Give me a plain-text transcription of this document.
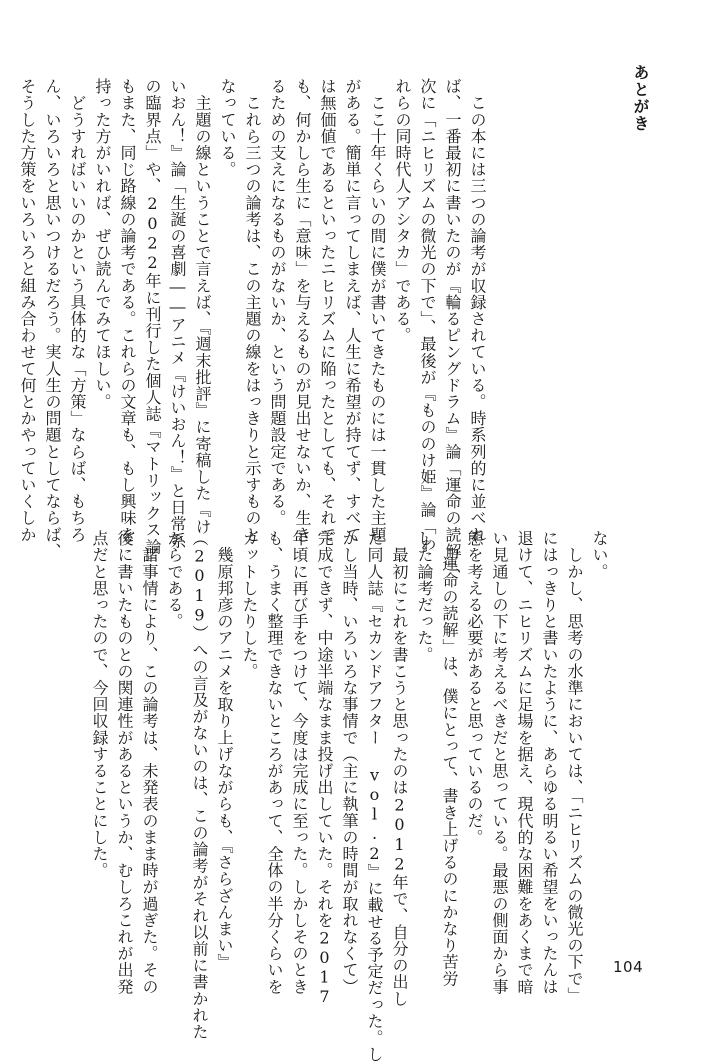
あとがき
　この本には三つの論考が収録されている。時系列的に並べれ
ば、一番最初に書いたのが『輪るピングドラム』論「運命の読解」、
次に「ニヒリズムの微光の下で」、最後が『もののけ姫』論「わ
れらの同時代人アシタカ」である。
　ここ十年くらいの間に僕が書いてきたものには一貫した主題
がある。簡単に言ってしまえば、人生に希望が持てず、すべて
は無価値であるといったニヒリズムに陥ったとしても、それで
も、何かしら生に「意味」を与えるものが見出せないか、生き
るための支えになるものがないか、という問題設定である。
　これら三つの論考は、この主題の線をはっきりと示すものと
なっている。
　主題の線ということで言えば、『週末批評』に寄稿した『け
いおん！』論「生誕の喜劇――アニメ『けいおん！』と日常系
の臨界点」や、2022年に刊行した個人誌『マトリックス論』
もまた、同じ路線の論考である。これらの文章も、もし興味を
持った方がいれば、ぜひ読んでみてほしい。
　どうすればいいのかという具体的な「方策」ならば、もちろ
ん、いろいろと思いつけるだろう。実人生の問題としてならば、
そうした方策をいろいろと組み合わせて何とかやっていくしか
ない。
　しかし、思考の水準においては、「ニヒリズムの微光の下で」
にはっきりと書いたように、あらゆる明るい希望をいったんは
退けて、ニヒリズムに足場を据え、現代的な困難をあくまで暗
い見通しの下に考えるべきだと思っている。最悪の側面から事
態を考える必要があると思っているのだ。
　「運命の読解」は、僕にとって、書き上げるのにかなり苦労
した論考だった。
　最初にこれを書こうと思ったのは2012年で、自分の出し
た同人誌『セカンドアフター vol.2』に載せる予定だった。し
かし当時、いろいろな事情で（主に執筆の時間が取れなくて）
完成できず、中途半端なまま投げ出していた。それを2017
年頃に再び手をつけて、今度は完成に至った。しかしそのとき
も、うまく整理できないところがあって、全体の半分くらいを
カットしたりした。
　幾原邦彦のアニメを取り上げながらも、『さらざんまい』
（2019）への言及がないのは、この論考がそれ以前に書かれた
からである。
　諸事情により、この論考は、未発表のまま時が過ぎた。その
後に書いたものとの関連性があるというか、むしろこれが出発
点だと思ったので、今回収録することにした。
104
